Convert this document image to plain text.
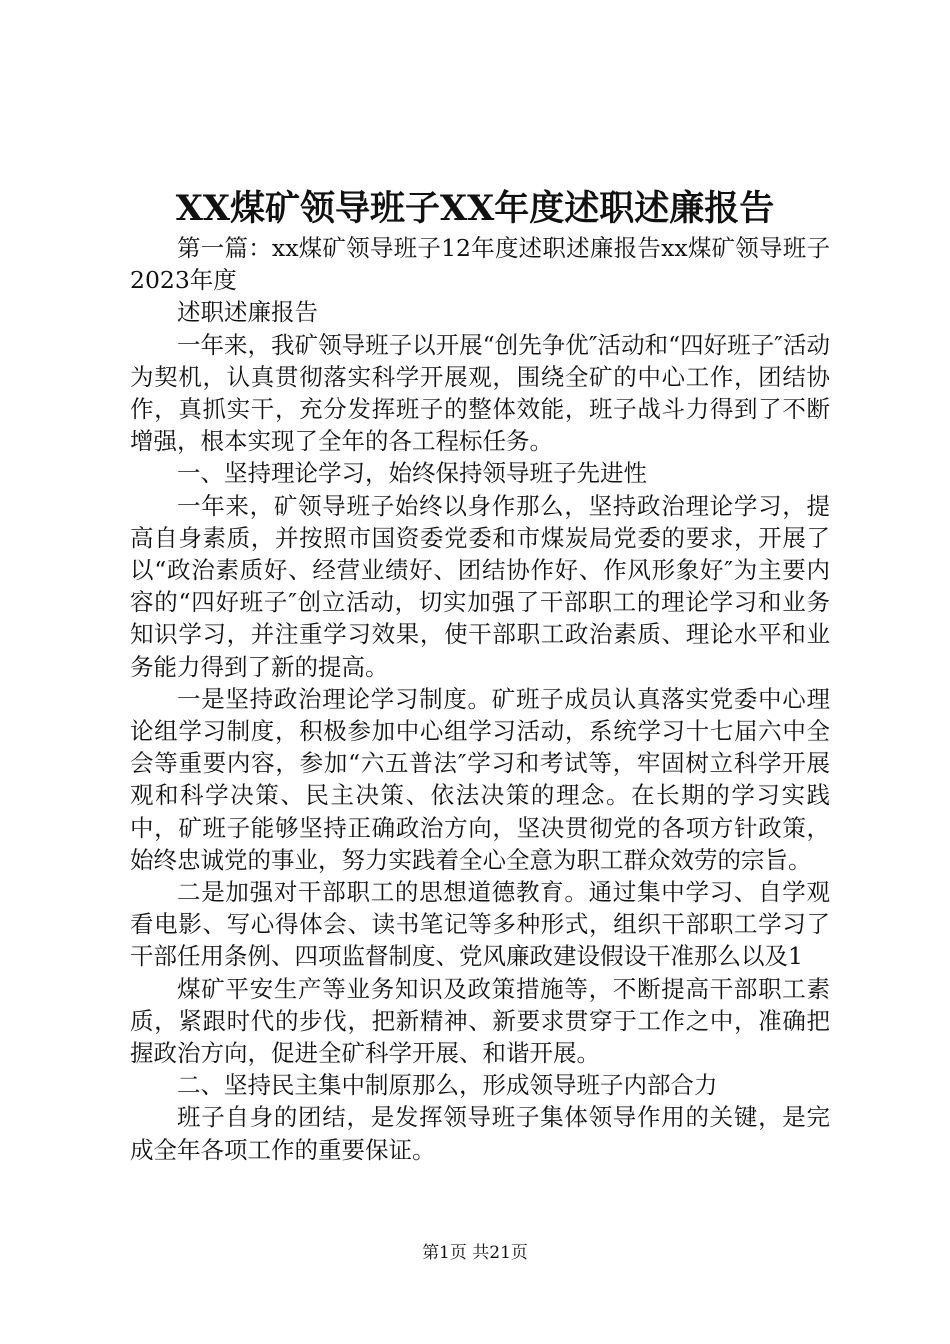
XX煤矿领导班子XX年度述职述廉报告

第一篇：xx煤矿领导班子12年度述职述廉报告xx煤矿领导班子2023年度

述职述廉报告

一年来，我矿领导班子以开展“创先争优″活动和“四好班子″活动为契机，认真贯彻落实科学开展观，围绕全矿的中心工作，团结协作，真抓实干，充分发挥班子的整体效能，班子战斗力得到了不断增强，根本实现了全年的各工程标任务。

一、坚持理论学习，始终保持领导班子先进性

一年来，矿领导班子始终以身作那么，坚持政治理论学习，提高自身素质，并按照市国资委党委和市煤炭局党委的要求，开展了以“政治素质好、经营业绩好、团结协作好、作风形象好″为主要内容的“四好班子″创立活动，切实加强了干部职工的理论学习和业务知识学习，并注重学习效果，使干部职工政治素质、理论水平和业务能力得到了新的提高。

一是坚持政治理论学习制度。矿班子成员认真落实党委中心理论组学习制度，积极参加中心组学习活动，系统学习十七届六中全会等重要内容，参加“六五普法″学习和考试等，牢固树立科学开展观和科学决策、民主决策、依法决策的理念。在长期的学习实践中，矿班子能够坚持正确政治方向，坚决贯彻党的各项方针政策，始终忠诚党的事业，努力实践着全心全意为职工群众效劳的宗旨。

二是加强对干部职工的思想道德教育。通过集中学习、自学观看电影、写心得体会、读书笔记等多种形式，组织干部职工学习了干部任用条例、四项监督制度、党风廉政建设假设干准那么以及1

煤矿平安生产等业务知识及政策措施等，不断提高干部职工素质，紧跟时代的步伐，把新精神、新要求贯穿于工作之中，准确把握政治方向，促进全矿科学开展、和谐开展。

二、坚持民主集中制原那么，形成领导班子内部合力

班子自身的团结，是发挥领导班子集体领导作用的关键，是完成全年各项工作的重要保证。

第1页 共21页
